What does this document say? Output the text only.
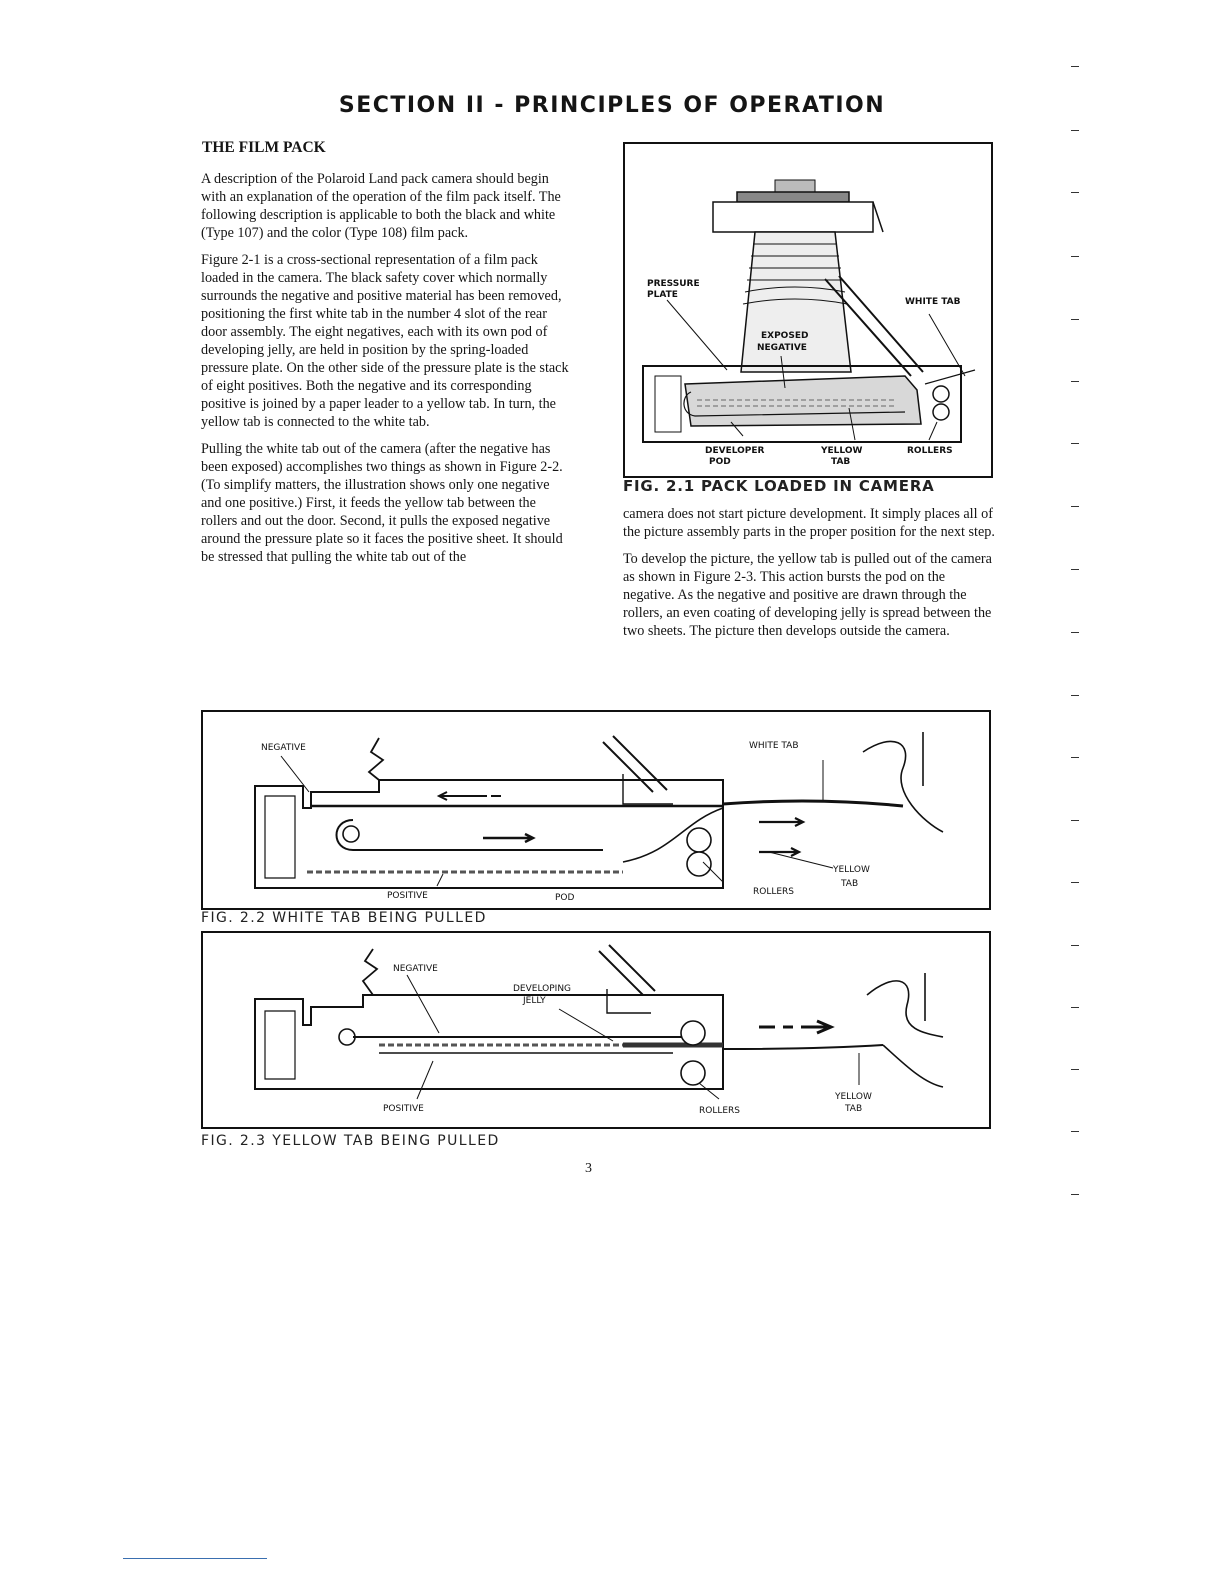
SECTION II - PRINCIPLES OF OPERATION
THE FILM PACK

A description of the Polaroid Land pack camera should begin with an explanation of the operation of the film pack itself. The following description is applicable to both the black and white (Type 107) and the color (Type 108) film pack.

Figure 2-1 is a cross-sectional representation of a film pack loaded in the camera. The black safety cover which normally surrounds the negative and positive material has been removed, positioning the first white tab in the number 4 slot of the rear door assembly. The eight negatives, each with its own pod of developing jelly, are held in position by the spring-loaded pressure plate. On the other side of the pressure plate is the stack of eight positives. Both the negative and its corresponding positive is joined by a paper leader to a yellow tab. In turn, the yellow tab is connected to the white tab.

Pulling the white tab out of the camera (after the negative has been exposed) accomplishes two things as shown in Figure 2-2. (To simplify matters, the illustration shows only one negative and one positive.) First, it feeds the yellow tab between the rollers and out the door. Second, it pulls the exposed negative around the pressure plate so it faces the positive sheet. It should be stressed that pulling the white tab out of the

PRESSURE
PLATE
WHITE TAB
EXPOSED
NEGATIVE
DEVELOPER
POD
YELLOW
TAB
ROLLERS
FIG. 2.1 PACK LOADED IN CAMERA

camera does not start picture development. It simply places all of the picture assembly parts in the proper position for the next step.

To develop the picture, the yellow tab is pulled out of the camera as shown in Figure 2-3. This action bursts the pod on the negative. As the negative and positive are drawn through the rollers, an even coating of developing jelly is spread between the two sheets. The picture then develops outside the camera.

NEGATIVE	WHITE TAB
YELLOW
TAB
POSITIVE	POD
ROLLERS
FIG. 2.2 WHITE TAB BEING PULLED
NEGATIVE
DEVELOPING
JELLY
POSITIVE	ROLLERS
YELLOW
TAB
FIG. 2.3 YELLOW TAB BEING PULLED
3
